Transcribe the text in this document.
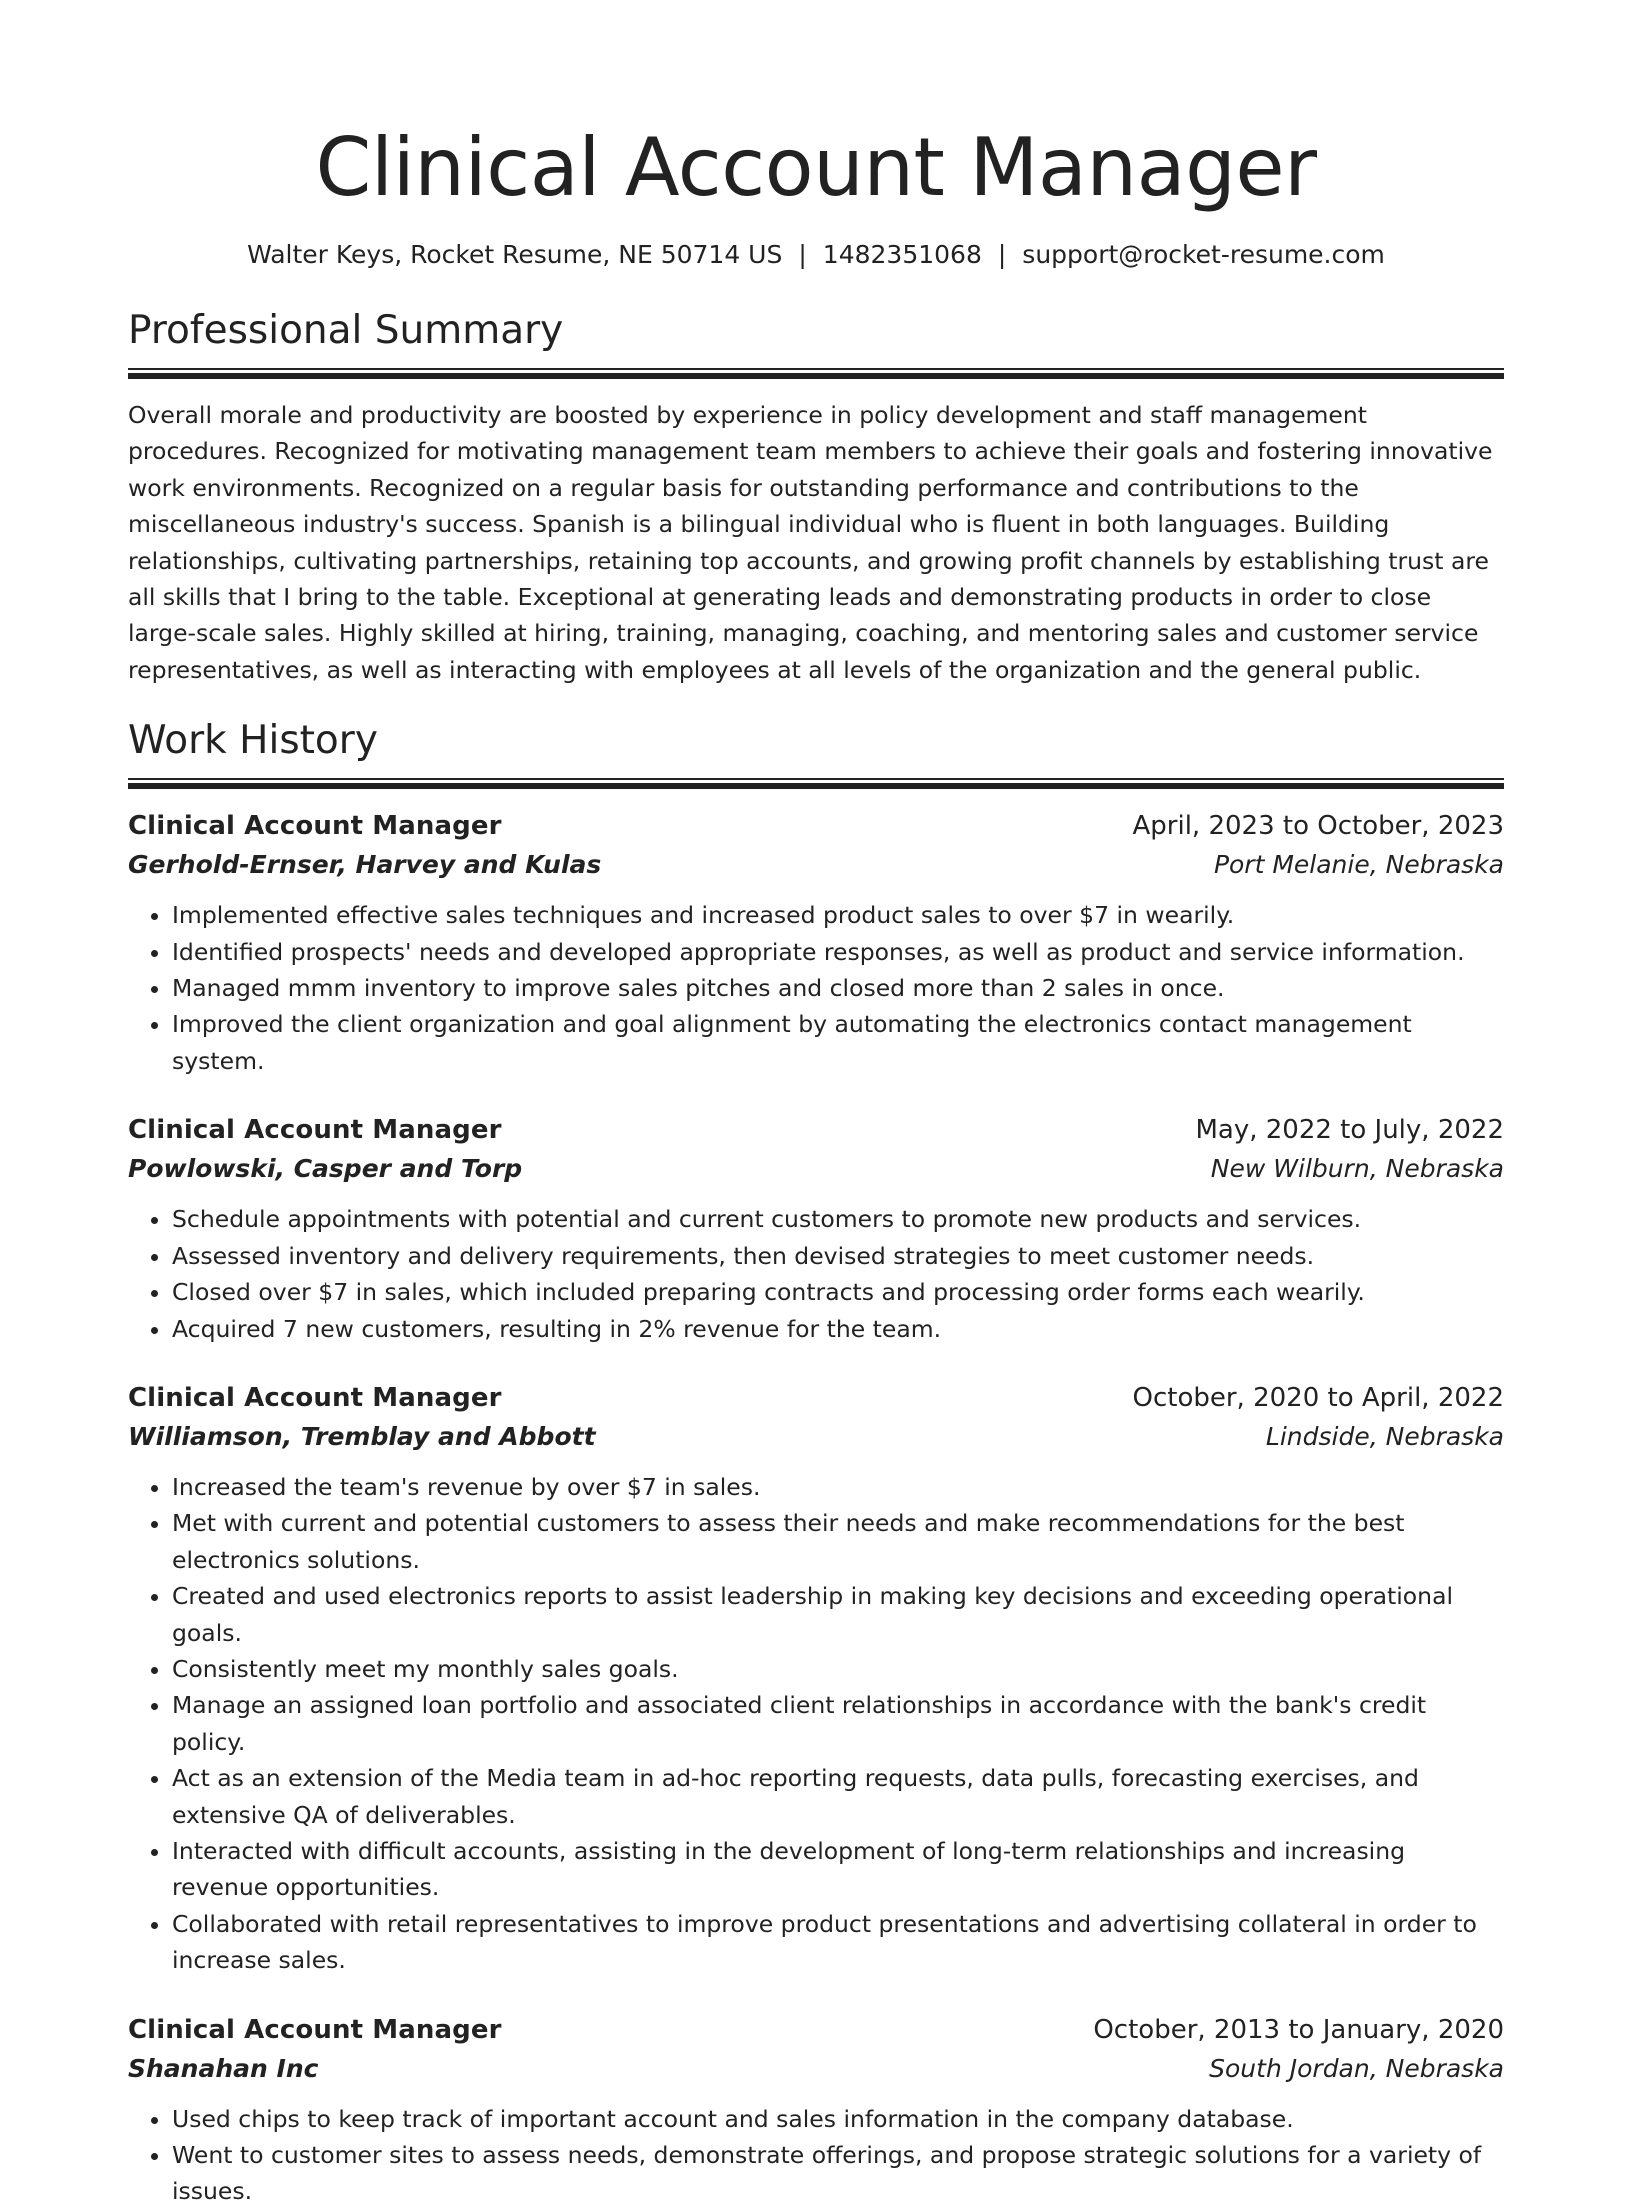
Clinical Account Manager
Walter Keys, Rocket Resume, NE 50714 US | 1482351068 | support@rocket-resume.com
Professional Summary

Overall morale and productivity are boosted by experience in policy development and staff management procedures. Recognized for motivating management team members to achieve their goals and fostering innovative work environments. Recognized on a regular basis for outstanding performance and contributions to the miscellaneous industry's success. Spanish is a bilingual individual who is fluent in both languages. Building relationships, cultivating partnerships, retaining top accounts, and growing profit channels by establishing trust are all skills that I bring to the table. Exceptional at generating leads and demonstrating products in order to close large-scale sales. Highly skilled at hiring, training, managing, coaching, and mentoring sales and customer service representatives, as well as interacting with employees at all levels of the organization and the general public.

Work History
Clinical Account Manager	April, 2023 to October, 2023
Gerhold-Ernser, Harvey and Kulas	Port Melanie, Nebraska
• Implemented effective sales techniques and increased product sales to over $7 in wearily.
• Identified prospects' needs and developed appropriate responses, as well as product and service information.
• Managed mmm inventory to improve sales pitches and closed more than 2 sales in once.
• Improved the client organization and goal alignment by automating the electronics contact management system.
Clinical Account Manager	May, 2022 to July, 2022
Powlowski, Casper and Torp	New Wilburn, Nebraska
• Schedule appointments with potential and current customers to promote new products and services.
• Assessed inventory and delivery requirements, then devised strategies to meet customer needs.
• Closed over $7 in sales, which included preparing contracts and processing order forms each wearily.
• Acquired 7 new customers, resulting in 2% revenue for the team.
Clinical Account Manager	October, 2020 to April, 2022
Williamson, Tremblay and Abbott	Lindside, Nebraska
• Increased the team's revenue by over $7 in sales.
• Met with current and potential customers to assess their needs and make recommendations for the best electronics solutions.
• Created and used electronics reports to assist leadership in making key decisions and exceeding operational goals.
• Consistently meet my monthly sales goals.
• Manage an assigned loan portfolio and associated client relationships in accordance with the bank's credit policy.
• Act as an extension of the Media team in ad-hoc reporting requests, data pulls, forecasting exercises, and extensive QA of deliverables.
• Interacted with difficult accounts, assisting in the development of long-term relationships and increasing revenue opportunities.
• Collaborated with retail representatives to improve product presentations and advertising collateral in order to increase sales.
Clinical Account Manager	October, 2013 to January, 2020
Shanahan Inc	South Jordan, Nebraska
• Used chips to keep track of important account and sales information in the company database.
• Went to customer sites to assess needs, demonstrate offerings, and propose strategic solutions for a variety of issues.
